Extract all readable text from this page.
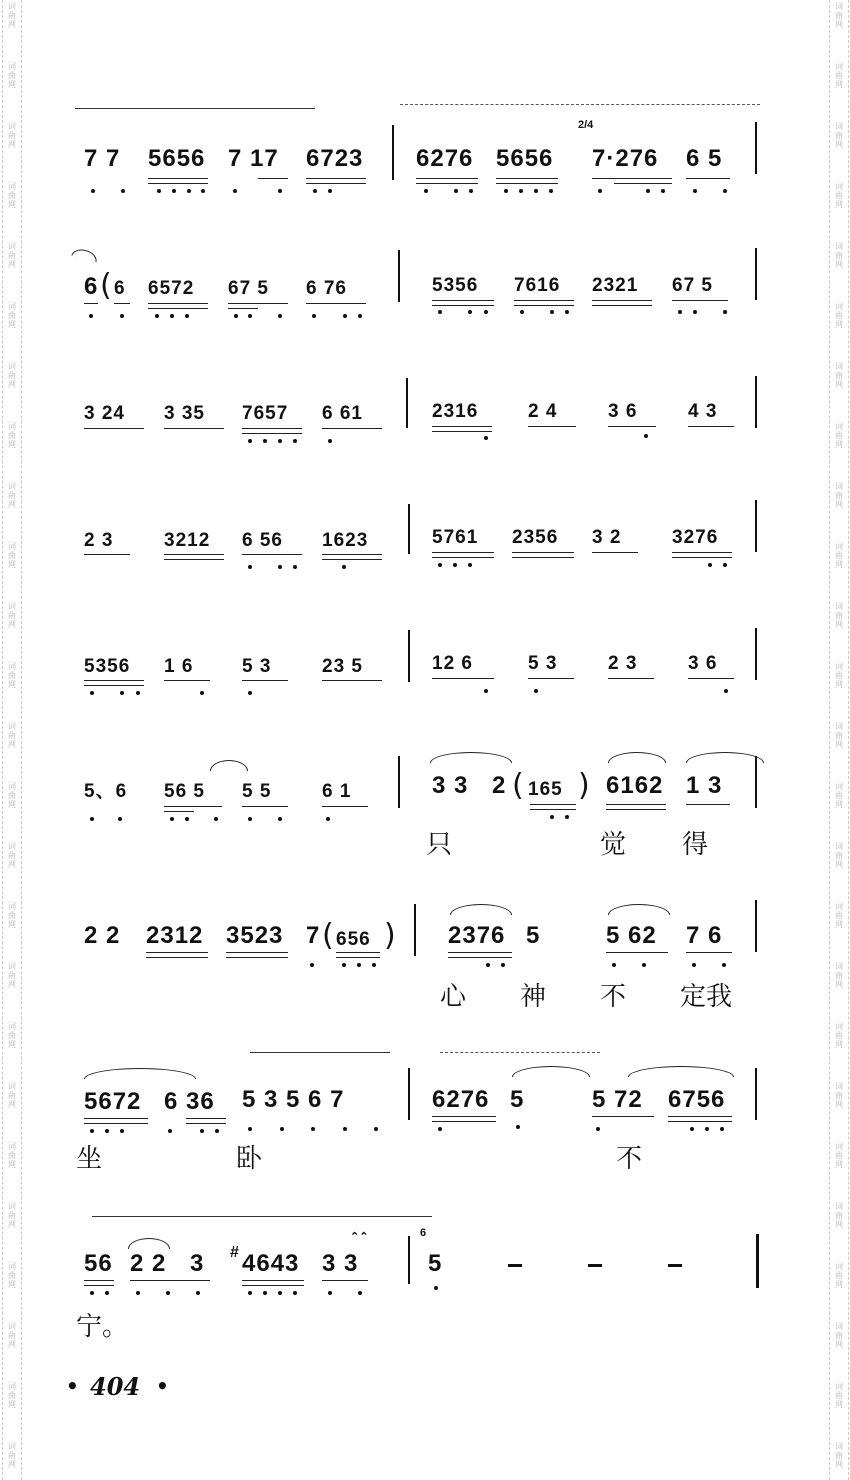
词
曲
网
词
曲
网
词
曲
网
词
曲
网
词
曲
网
词
曲
网
词
曲
网
词
曲
网
词
曲
网
词
曲
网
词
曲
网
词
曲
网
词
曲
网
词
曲
网
词
曲
网
词
曲
网
词
曲
网
词
曲
网
词
曲
网
词
曲
网
词
曲
网
词
曲
网
词
曲
网
词
曲
网
词
曲
网
词
曲
网
词
曲
网
词
曲
网
词
曲
网
词
曲
网
词
曲
网
词
曲
网
词
曲
网
词
曲
网
词
曲
网
词
曲
网
词
曲
网
词
曲
网
词
曲
网
词
曲
网
词
曲
网
词
曲
网
词
曲
网
词
曲
网
词
曲
网
词
曲
网
词
曲
网
词
曲
网
词
曲
网
词
曲
网
7 7 5656 7 17 6723 6276 5656
2/4
7·276 6 5
6 ( 6 6572 67 5 6 76	5356 7616 2321 67 5
3 24 3 35 7657 6 61	2316	2 4	3 6	4 3
2 3	3212 6 56 1623	5761 2356 3 2	3276
5356 1 6	5 3	23 5	12 6	5 3	2 3	3 6
5、6 56 5 5 5	6 1	3 3 2 ( 165 ) 6162 1 3
只	觉 得
2 2 2312 3523 7 ( 656 ) 2376 5	5 62 7 6
心 神 不 定我
5672 6 36 5 3 5 6 7	6276 5	5 72 6756
坐	卧	不
56 2 2 3 # 4643
⌃⌃
3 3
6
5
宁。
• 404 •
